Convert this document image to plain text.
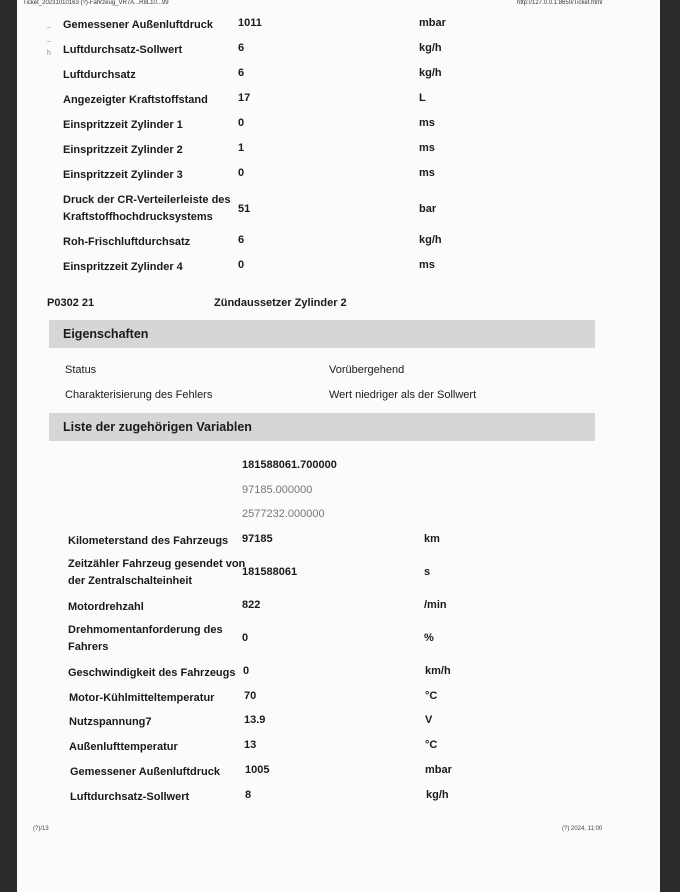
Ticket_20231010163 (?)-Fahrzeug_VR7A...R8L10...99	http://127.0.0.1:8650/Ticket.html
–
–
h
Gemessener Außenluftdruck	1011	mbar
Luftdurchsatz-Sollwert	6	kg/h
Luftdurchsatz	6	kg/h
Angezeigter Kraftstoffstand	17	L
Einspritzzeit Zylinder 1	0	ms
Einspritzzeit Zylinder 2	1	ms
Einspritzzeit Zylinder 3	0	ms
Druck der CR-Verteilerleiste des Kraftstoffhochdrucksystems
51	bar
Roh-Frischluftdurchsatz	6	kg/h
Einspritzzeit Zylinder 4	0	ms
P0302 21	Zündaussetzer Zylinder 2
Eigenschaften
Status	Vorübergehend
Charakterisierung des Fehlers	Wert niedriger als der Sollwert
Liste der zugehörigen Variablen
181588061.700000
97185.000000
2577232.000000
Kilometerstand des Fahrzeugs	97185	km
Zeitzähler Fahrzeug gesendet von der Zentralschalteinheit
181588061	s
Motordrehzahl	822	/min
Drehmomentanforderung des Fahrers
0	%
Geschwindigkeit des Fahrzeugs 0	km/h
Motor-Kühlmitteltemperatur	70	°C
Nutzspannung7	13.9	V
Außenlufttemperatur	13	°C
Gemessener Außenluftdruck	1005	mbar
Luftdurchsatz-Sollwert	8	kg/h
(?)/13	(?) 2024, 11:00
